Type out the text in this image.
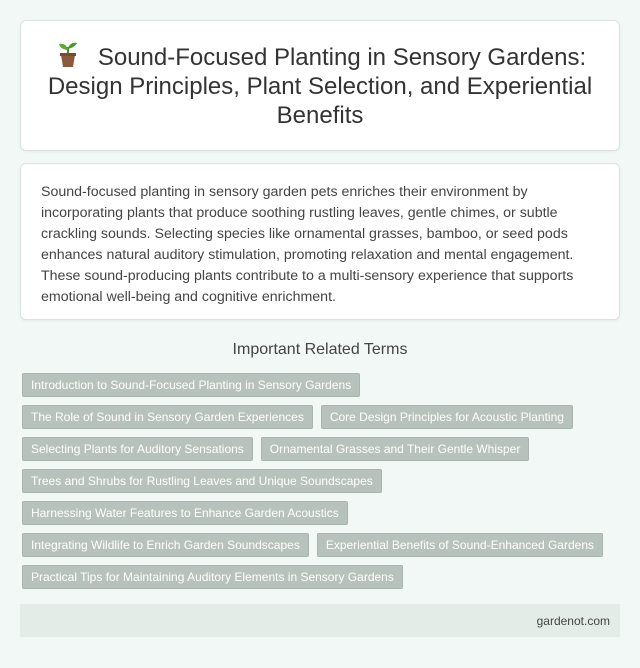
Sound-Focused Planting in Sensory Gardens: Design Principles, Plant Selection, and Experiential Benefits

Sound-focused planting in sensory garden pets enriches their environment by incorporating plants that produce soothing rustling leaves, gentle chimes, or subtle crackling sounds. Selecting species like ornamental grasses, bamboo, or seed pods enhances natural auditory stimulation, promoting relaxation and mental engagement. These sound-producing plants contribute to a multi-sensory experience that supports emotional well-being and cognitive enrichment.

Important Related Terms
Introduction to Sound-Focused Planting in Sensory Gardens
The Role of Sound in Sensory Garden Experiences	Core Design Principles for Acoustic Planting
Selecting Plants for Auditory Sensations	Ornamental Grasses and Their Gentle Whisper
Trees and Shrubs for Rustling Leaves and Unique Soundscapes
Harnessing Water Features to Enhance Garden Acoustics
Integrating Wildlife to Enrich Garden Soundscapes	Experiential Benefits of Sound-Enhanced Gardens
Practical Tips for Maintaining Auditory Elements in Sensory Gardens
gardenot.com
